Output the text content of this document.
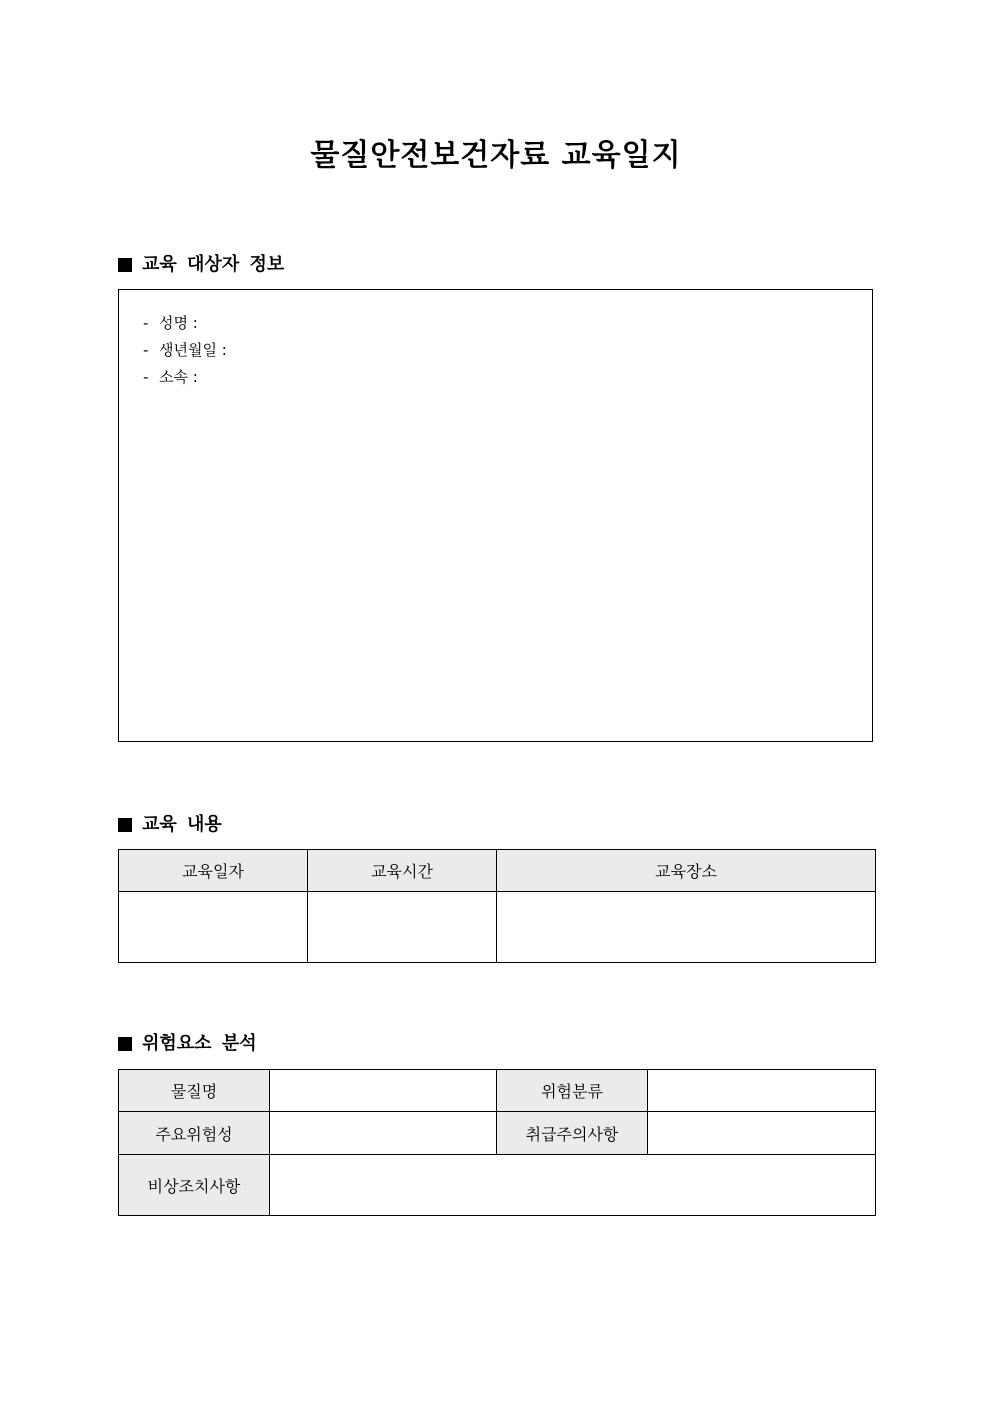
물질안전보건자료 교육일지
교육 대상자 정보
- 성명 :
- 생년월일 :
- 소속 :
교육 내용
교육일자	교육시간	교육장소

위험요소 분석
물질명		위험분류	
주요위험성		취급주의사항	
비상조치사항			
